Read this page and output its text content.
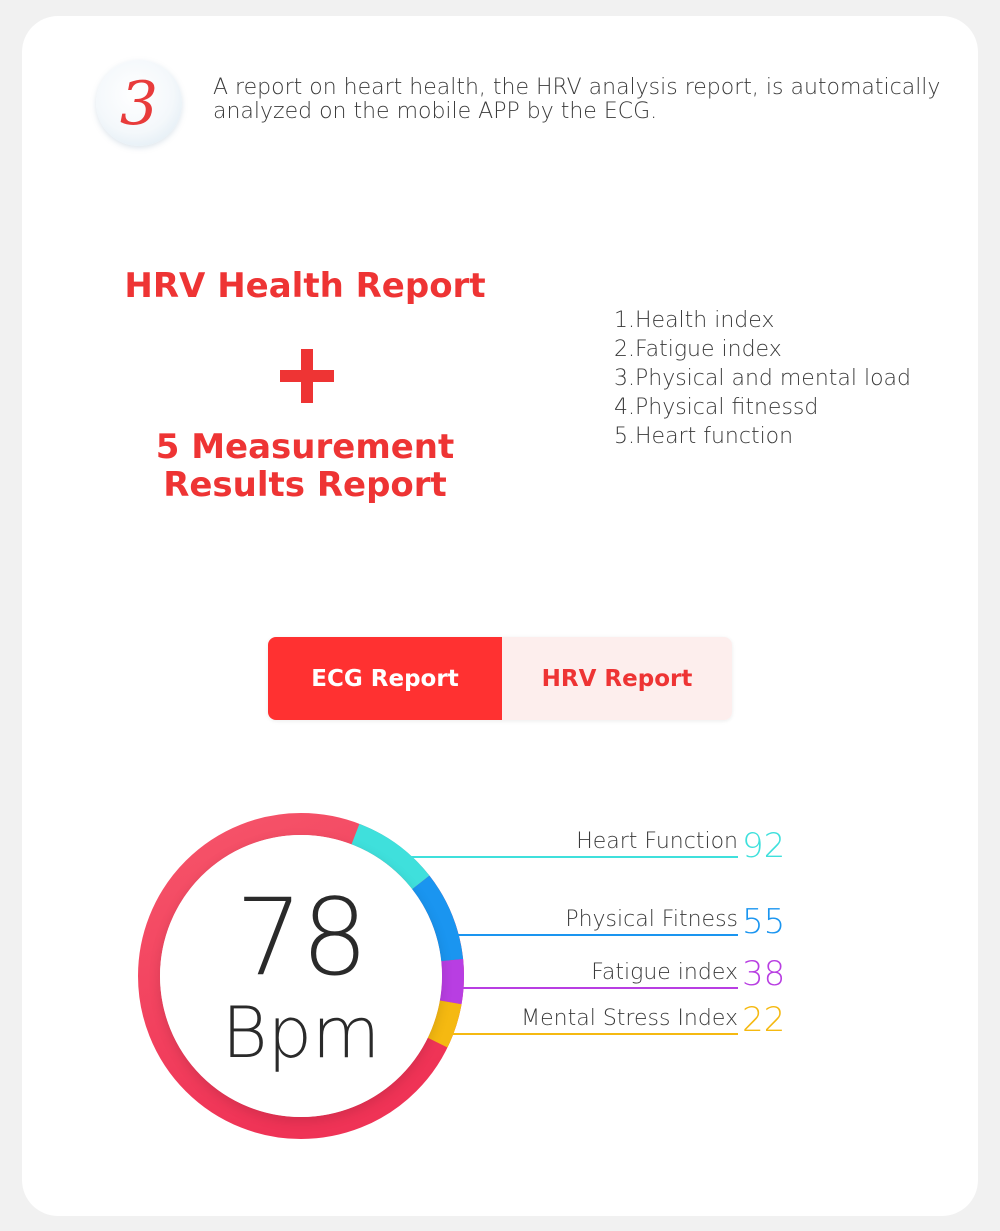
3	A report on heart health, the HRV analysis report, is automatically analyzed on the mobile APP by the ECG.
HRV Health Report
5 Measurement
Results Report
1.Health index
2.Fatigue index
3.Physical and mental load
4.Physical fitnessd
5.Heart function
ECG Report	HRV Report
78
Bpm
Heart Function 92
Physical Fitness 55
Fatigue index 38
Mental Stress Index 22
